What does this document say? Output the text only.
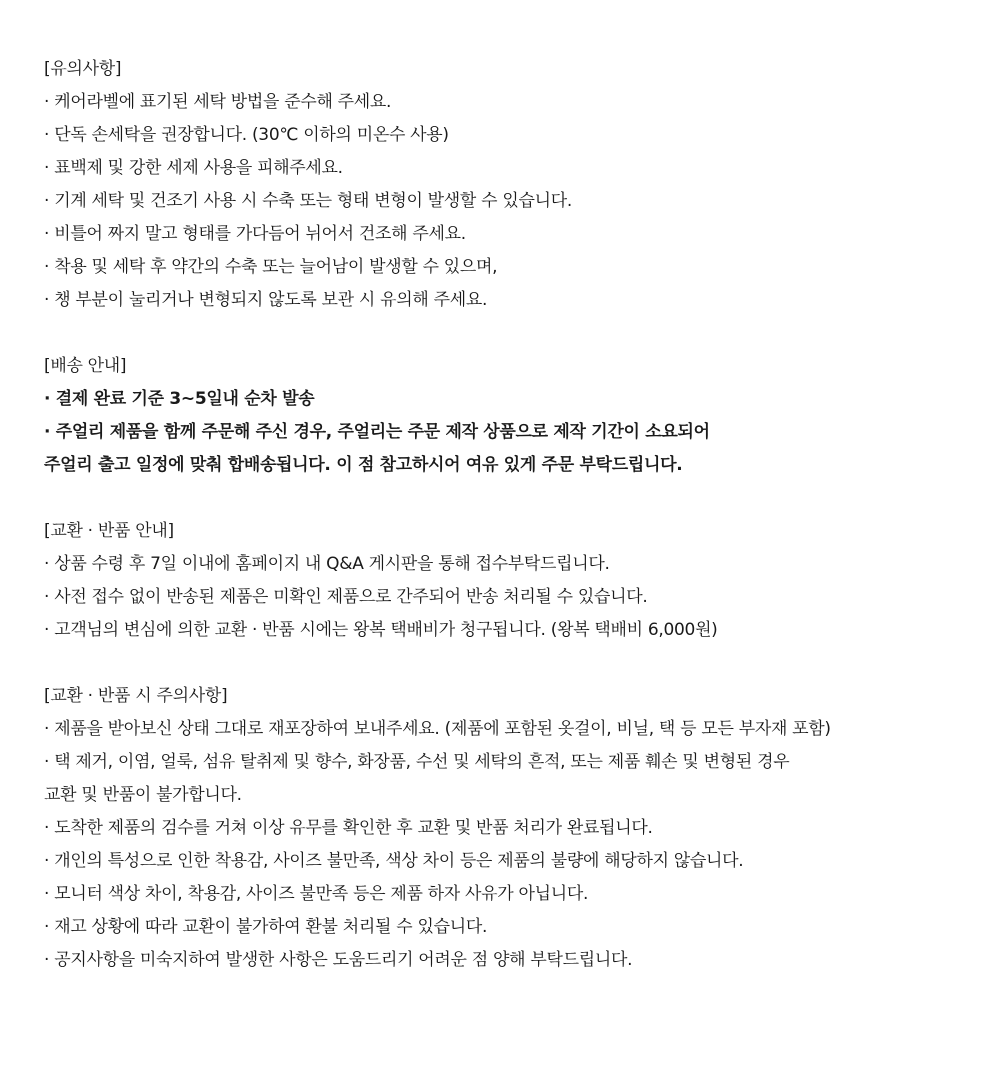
[유의사항]
· 케어라벨에 표기된 세탁 방법을 준수해 주세요.
· 단독 손세탁을 권장합니다. (30℃ 이하의 미온수 사용)
· 표백제 및 강한 세제 사용을 피해주세요.
· 기계 세탁 및 건조기 사용 시 수축 또는 형태 변형이 발생할 수 있습니다.
· 비틀어 짜지 말고 형태를 가다듬어 뉘어서 건조해 주세요.
· 착용 및 세탁 후 약간의 수축 또는 늘어남이 발생할 수 있으며,
· 챙 부분이 눌리거나 변형되지 않도록 보관 시 유의해 주세요.
[배송 안내]
· 결제 완료 기준 3~5일내 순차 발송
· 주얼리 제품을 함께 주문해 주신 경우, 주얼리는 주문 제작 상품으로 제작 기간이 소요되어
주얼리 출고 일정에 맞춰 합배송됩니다. 이 점 참고하시어 여유 있게 주문 부탁드립니다.
[교환 · 반품 안내]
· 상품 수령 후 7일 이내에 홈페이지 내 Q&A 게시판을 통해 접수부탁드립니다.
· 사전 접수 없이 반송된 제품은 미확인 제품으로 간주되어 반송 처리될 수 있습니다.
· 고객님의 변심에 의한 교환 · 반품 시에는 왕복 택배비가 청구됩니다. (왕복 택배비 6,000원)
[교환 · 반품 시 주의사항]
· 제품을 받아보신 상태 그대로 재포장하여 보내주세요. (제품에 포함된 옷걸이, 비닐, 택 등 모든 부자재 포함)
· 택 제거, 이염, 얼룩, 섬유 탈취제 및 향수, 화장품, 수선 및 세탁의 흔적, 또는 제품 훼손 및 변형된 경우
교환 및 반품이 불가합니다.
· 도착한 제품의 검수를 거쳐 이상 유무를 확인한 후 교환 및 반품 처리가 완료됩니다.
· 개인의 특성으로 인한 착용감, 사이즈 불만족, 색상 차이 등은 제품의 불량에 해당하지 않습니다.
· 모니터 색상 차이, 착용감, 사이즈 불만족 등은 제품 하자 사유가 아닙니다.
· 재고 상황에 따라 교환이 불가하여 환불 처리될 수 있습니다.
· 공지사항을 미숙지하여 발생한 사항은 도움드리기 어려운 점 양해 부탁드립니다.
